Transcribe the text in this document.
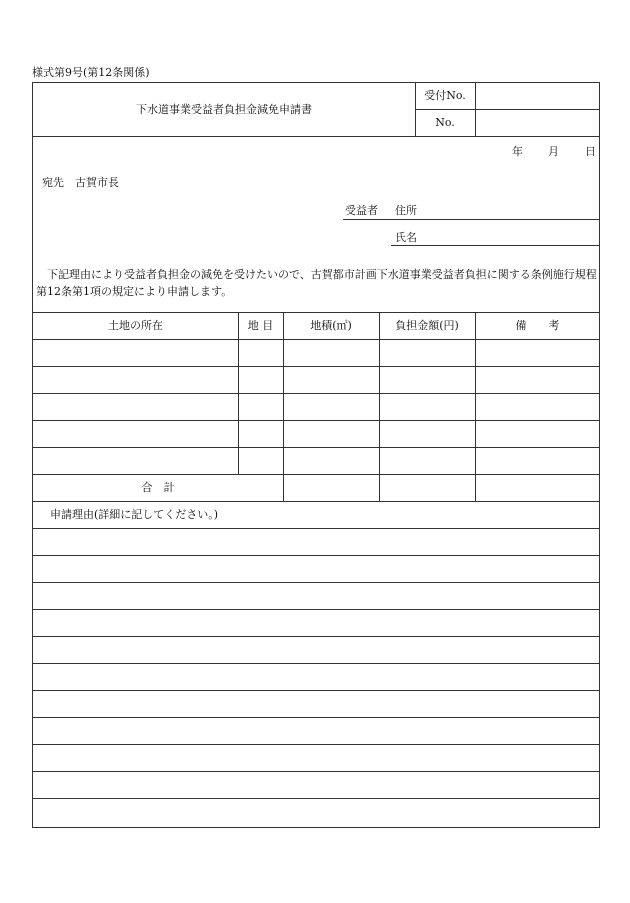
様式第9号(第12条関係)
下水道事業受益者負担金減免申請書
受付No.
No.
年 月 日
宛先　古賀市長
受益者 住所
氏名
　下記理由により受益者負担金の減免を受けたいので、古賀都市計画下水道事業受益者負担に関する条例施行規程第12条第1項の規定により申請します。
土地の所在	地 目	地積(㎡)	負担金額(円)	備　　考
合　計
申請理由(詳細に記してください。)
